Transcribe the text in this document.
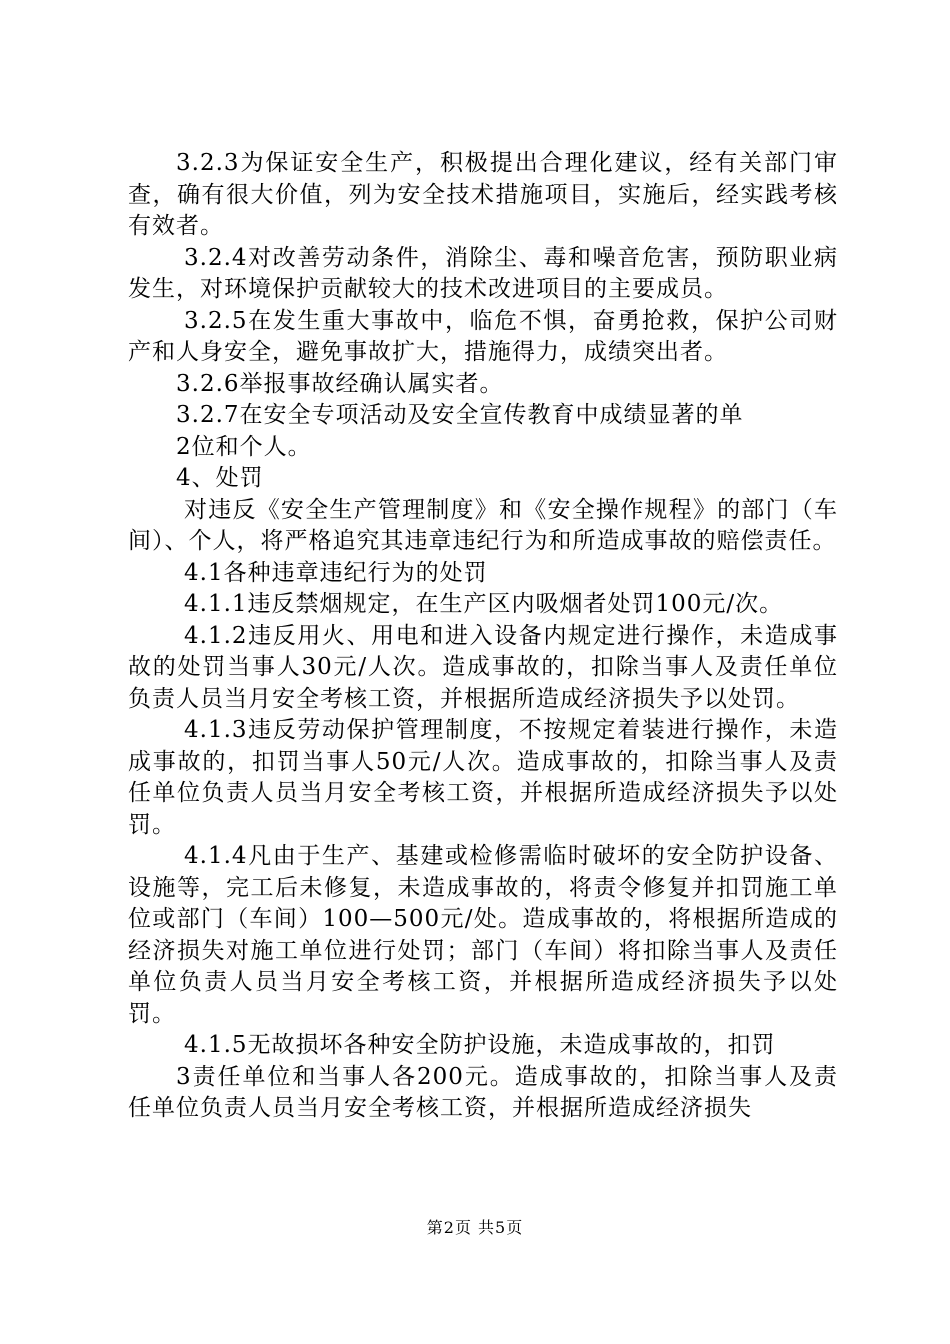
3.2.3为保证安全生产，积极提出合理化建议，经有关部门审查，确有很大价值，列为安全技术措施项目，实施后，经实践考核有效者。

3.2.4对改善劳动条件，消除尘、毒和噪音危害，预防职业病发生，对环境保护贡献较大的技术改进项目的主要成员。

3.2.5在发生重大事故中，临危不惧，奋勇抢救，保护公司财产和人身安全，避免事故扩大，措施得力，成绩突出者。

3.2.6举报事故经确认属实者。

3.2.7在安全专项活动及安全宣传教育中成绩显著的单

2位和个人。

4、处罚

对违反《安全生产管理制度》和《安全操作规程》的部门（车间）、个人，将严格追究其违章违纪行为和所造成事故的赔偿责任。

4.1各种违章违纪行为的处罚

4.1.1违反禁烟规定，在生产区内吸烟者处罚100元/次。

4.1.2违反用火、用电和进入设备内规定进行操作，未造成事故的处罚当事人30元/人次。造成事故的，扣除当事人及责任单位负责人员当月安全考核工资，并根据所造成经济损失予以处罚。

4.1.3违反劳动保护管理制度，不按规定着装进行操作，未造成事故的，扣罚当事人50元/人次。造成事故的，扣除当事人及责任单位负责人员当月安全考核工资，并根据所造成经济损失予以处罚。

4.1.4凡由于生产、基建或检修需临时破坏的安全防护设备、设施等，完工后未修复，未造成事故的，将责令修复并扣罚施工单位或部门（车间）100—500元/处。造成事故的，将根据所造成的经济损失对施工单位进行处罚；部门（车间）将扣除当事人及责任单位负责人员当月安全考核工资，并根据所造成经济损失予以处罚。

4.1.5无故损坏各种安全防护设施，未造成事故的，扣罚

3责任单位和当事人各200元。造成事故的，扣除当事人及责任单位负责人员当月安全考核工资，并根据所造成经济损失

第2页 共5页
